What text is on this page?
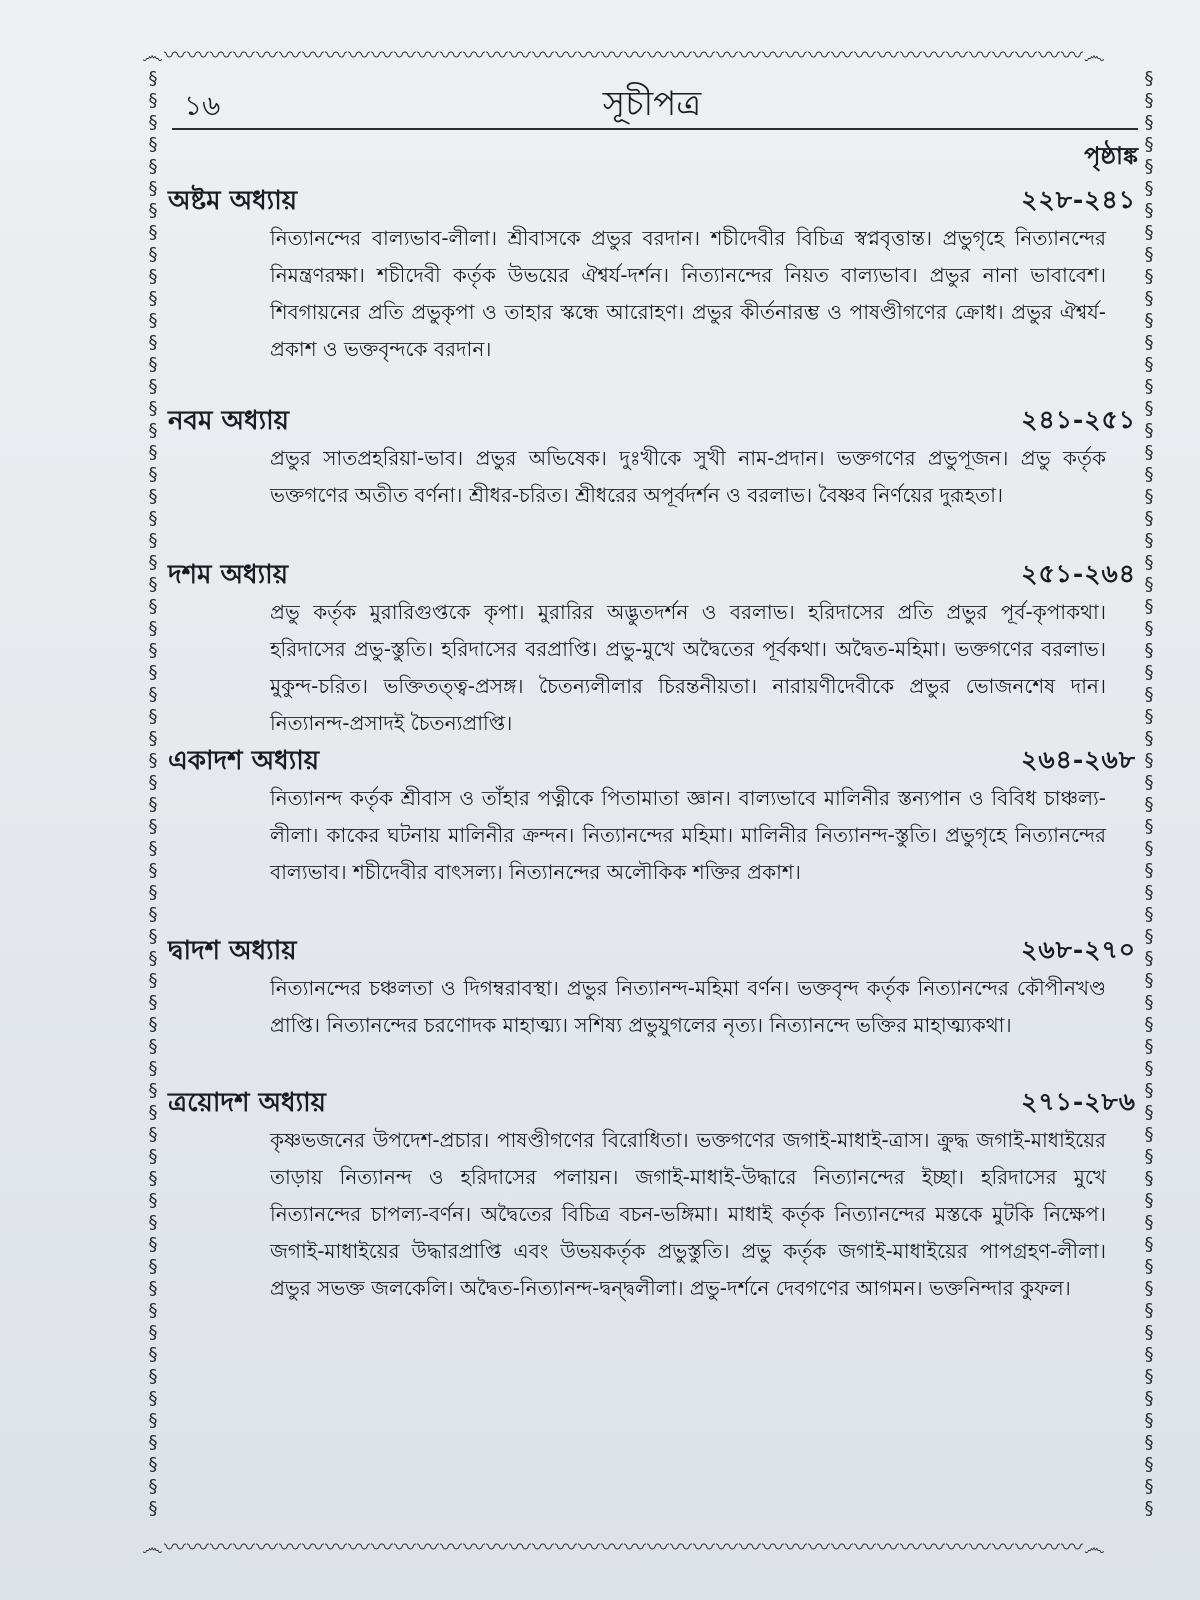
෴〰〰〰〰〰〰〰〰〰〰〰〰〰〰〰〰〰〰〰〰〰〰〰〰〰〰〰〰〰〰〰〰〰〰〰〰〰〰〰〰෴
§
§
§
§
§
§
§
§
§
§
§
§
§
§
§
§
§
§
§
§
§
§
§
§
§
§
§
§
§
§
§
§
§
§
§
§
§
§
§
§
§
§
§
§
§
§
§
§
§
§
§
§
§
§
§
§
§
§
§
§
§
§
§
§
§
§
§
§
§
§
§
§
§
§
§
§
§
§
§
§
§
§
§
§
§
§
§
§
§
§
§
§
§
§
§
§
§
§
§
§
§
§
§
§
§
§
§
§
§
§
§
§
§
§
§
§
§
§
§
§
§
§
§
§
§
§
§
§
§
§
§
§
෴〰〰〰〰〰〰〰〰〰〰〰〰〰〰〰〰〰〰〰〰〰〰〰〰〰〰〰〰〰〰〰〰〰〰〰〰〰〰〰〰෴
১৬	সূচীপত্র
পৃষ্ঠাঙ্ক
অষ্টম অধ্যায়	২২৮-২৪১
নিত্যানন্দের বাল্যভাব-লীলা। শ্রীবাসকে প্রভুর বরদান। শচীদেবীর বিচিত্র স্বপ্নবৃত্তান্ত। প্রভুগৃহে নিত্যানন্দের নিমন্ত্রণরক্ষা। শচীদেবী কর্তৃক উভয়ের ঐশ্বর্য-দর্শন। নিত্যানন্দের নিয়ত বাল্যভাব। প্রভুর নানা ভাবাবেশ। শিবগায়নের প্রতি প্রভুকৃপা ও তাহার স্কন্ধে আরোহণ। প্রভুর কীর্তনারম্ভ ও পাষণ্ডীগণের ক্রোধ। প্রভুর ঐশ্বর্য-প্রকাশ ও ভক্তবৃন্দকে বরদান।
নবম অধ্যায়	২৪১-২৫১
প্রভুর সাতপ্রহরিয়া-ভাব। প্রভুর অভিষেক। দুঃখীকে সুখী নাম-প্রদান। ভক্তগণের প্রভুপূজন। প্রভু কর্তৃক ভক্তগণের অতীত বর্ণনা। শ্রীধর-চরিত। শ্রীধরের অপূর্বদর্শন ও বরলাভ। বৈষ্ণব নির্ণয়ের দুরূহতা।
দশম অধ্যায়	২৫১-২৬৪
প্রভু কর্তৃক মুরারিগুপ্তকে কৃপা। মুরারির অদ্ভুতদর্শন ও বরলাভ। হরিদাসের প্রতি প্রভুর পূর্ব-কৃপাকথা। হরিদাসের প্রভু-স্তুতি। হরিদাসের বরপ্রাপ্তি। প্রভু-মুখে অদ্বৈতের পূর্বকথা। অদ্বৈত-মহিমা। ভক্তগণের বরলাভ। মুকুন্দ-চরিত। ভক্তিতত্ত্ব-প্রসঙ্গ। চৈতন্যলীলার চিরন্তনীয়তা। নারায়ণীদেবীকে প্রভুর ভোজনশেষ দান। নিত্যানন্দ-প্রসাদই চৈতন্যপ্রাপ্তি।
একাদশ অধ্যায়	২৬৪-২৬৮
নিত্যানন্দ কর্তৃক শ্রীবাস ও তাঁহার পত্নীকে পিতামাতা জ্ঞান। বাল্যভাবে মালিনীর স্তন্যপান ও বিবিধ চাঞ্চল্য-লীলা। কাকের ঘটনায় মালিনীর ক্রন্দন। নিত্যানন্দের মহিমা। মালিনীর নিত্যানন্দ-স্তুতি। প্রভুগৃহে নিত্যানন্দের বাল্যভাব। শচীদেবীর বাৎসল্য। নিত্যানন্দের অলৌকিক শক্তির প্রকাশ।
দ্বাদশ অধ্যায়	২৬৮-২৭০
নিত্যানন্দের চঞ্চলতা ও দিগম্বরাবস্থা। প্রভুর নিত্যানন্দ-মহিমা বর্ণন। ভক্তবৃন্দ কর্তৃক নিত্যানন্দের কৌপীনখণ্ড প্রাপ্তি। নিত্যানন্দের চরণোদক মাহাত্ম্য। সশিষ্য প্রভুযুগলের নৃত্য। নিত্যানন্দে ভক্তির মাহাত্ম্যকথা।
ত্রয়োদশ অধ্যায়	২৭১-২৮৬
কৃষ্ণভজনের উপদেশ-প্রচার। পাষণ্ডীগণের বিরোধিতা। ভক্তগণের জগাই-মাধাই-ত্রাস। ক্রুদ্ধ জগাই-মাধাইয়ের তাড়ায় নিত্যানন্দ ও হরিদাসের পলায়ন। জগাই-মাধাই-উদ্ধারে নিত্যানন্দের ইচ্ছা। হরিদাসের মুখে নিত্যানন্দের চাপল্য-বর্ণন। অদ্বৈতের বিচিত্র বচন-ভঙ্গিমা। মাধাই কর্তৃক নিত্যানন্দের মস্তকে মুটকি নিক্ষেপ। জগাই-মাধাইয়ের উদ্ধারপ্রাপ্তি এবং উভয়কর্তৃক প্রভুস্তুতি। প্রভু কর্তৃক জগাই-মাধাইয়ের পাপগ্রহণ-লীলা। প্রভুর সভক্ত জলকেলি। অদ্বৈত-নিত্যানন্দ-দ্বন্দ্বলীলা। প্রভু-দর্শনে দেবগণের আগমন। ভক্তনিন্দার কুফল।
